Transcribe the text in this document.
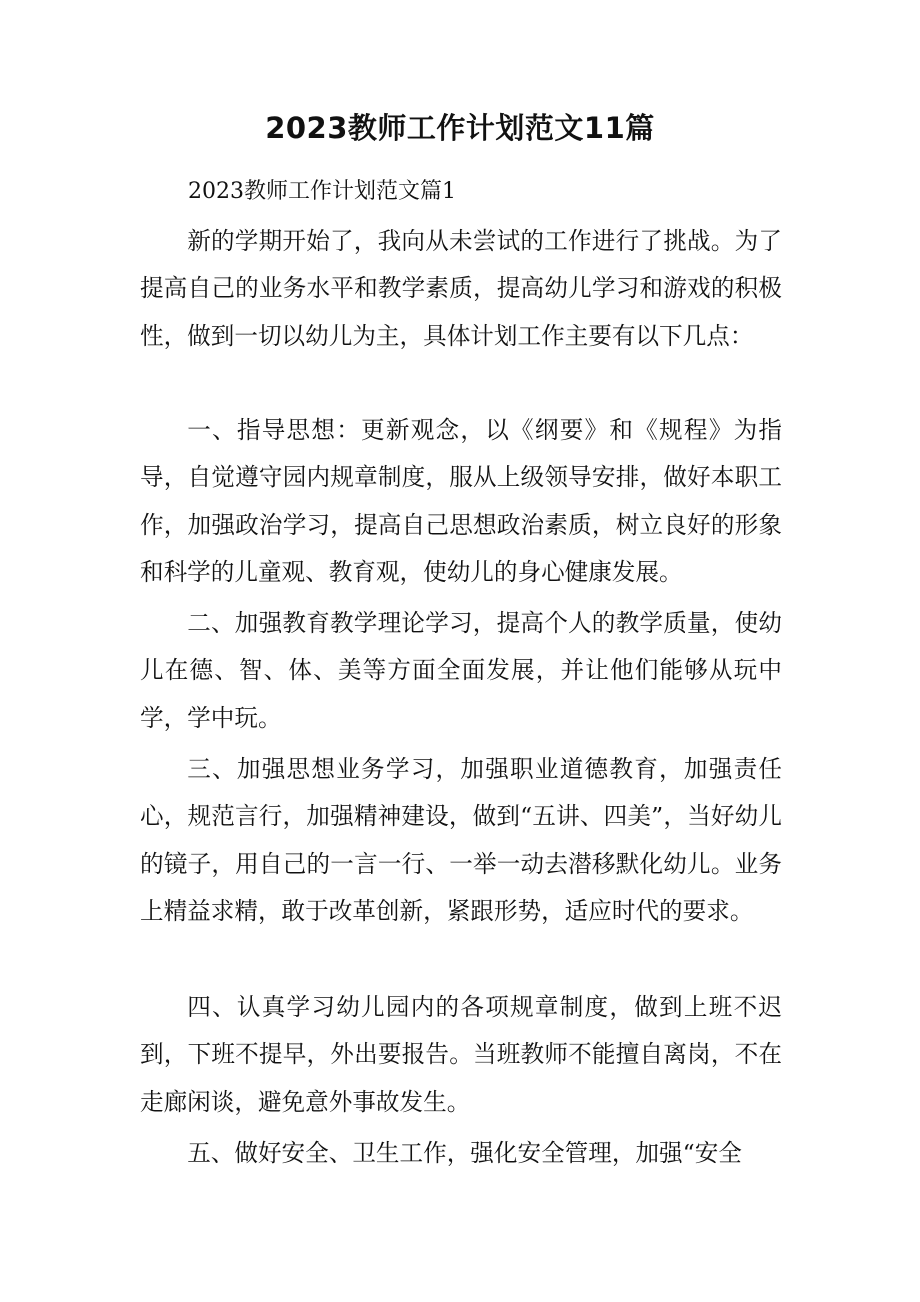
2023教师工作计划范文11篇

2023教师工作计划范文篇1

新的学期开始了，我向从未尝试的工作进行了挑战。为了提高自己的业务水平和教学素质，提高幼儿学习和游戏的积极性，做到一切以幼儿为主，具体计划工作主要有以下几点：

一、指导思想：更新观念，以《纲要》和《规程》为指导，自觉遵守园内规章制度，服从上级领导安排，做好本职工作，加强政治学习，提高自己思想政治素质，树立良好的形象和科学的儿童观、教育观，使幼儿的身心健康发展。

二、加强教育教学理论学习，提高个人的教学质量，使幼儿在德、智、体、美等方面全面发展，并让他们能够从玩中学，学中玩。

三、加强思想业务学习，加强职业道德教育，加强责任心，规范言行，加强精神建设，做到“五讲、四美”，当好幼儿的镜子，用自己的一言一行、一举一动去潜移默化幼儿。业务上精益求精，敢于改革创新，紧跟形势，适应时代的要求。

四、认真学习幼儿园内的各项规章制度，做到上班不迟到，下班不提早，外出要报告。当班教师不能擅自离岗，不在走廊闲谈，避免意外事故发生。

五、做好安全、卫生工作，强化安全管理，加强“安全
